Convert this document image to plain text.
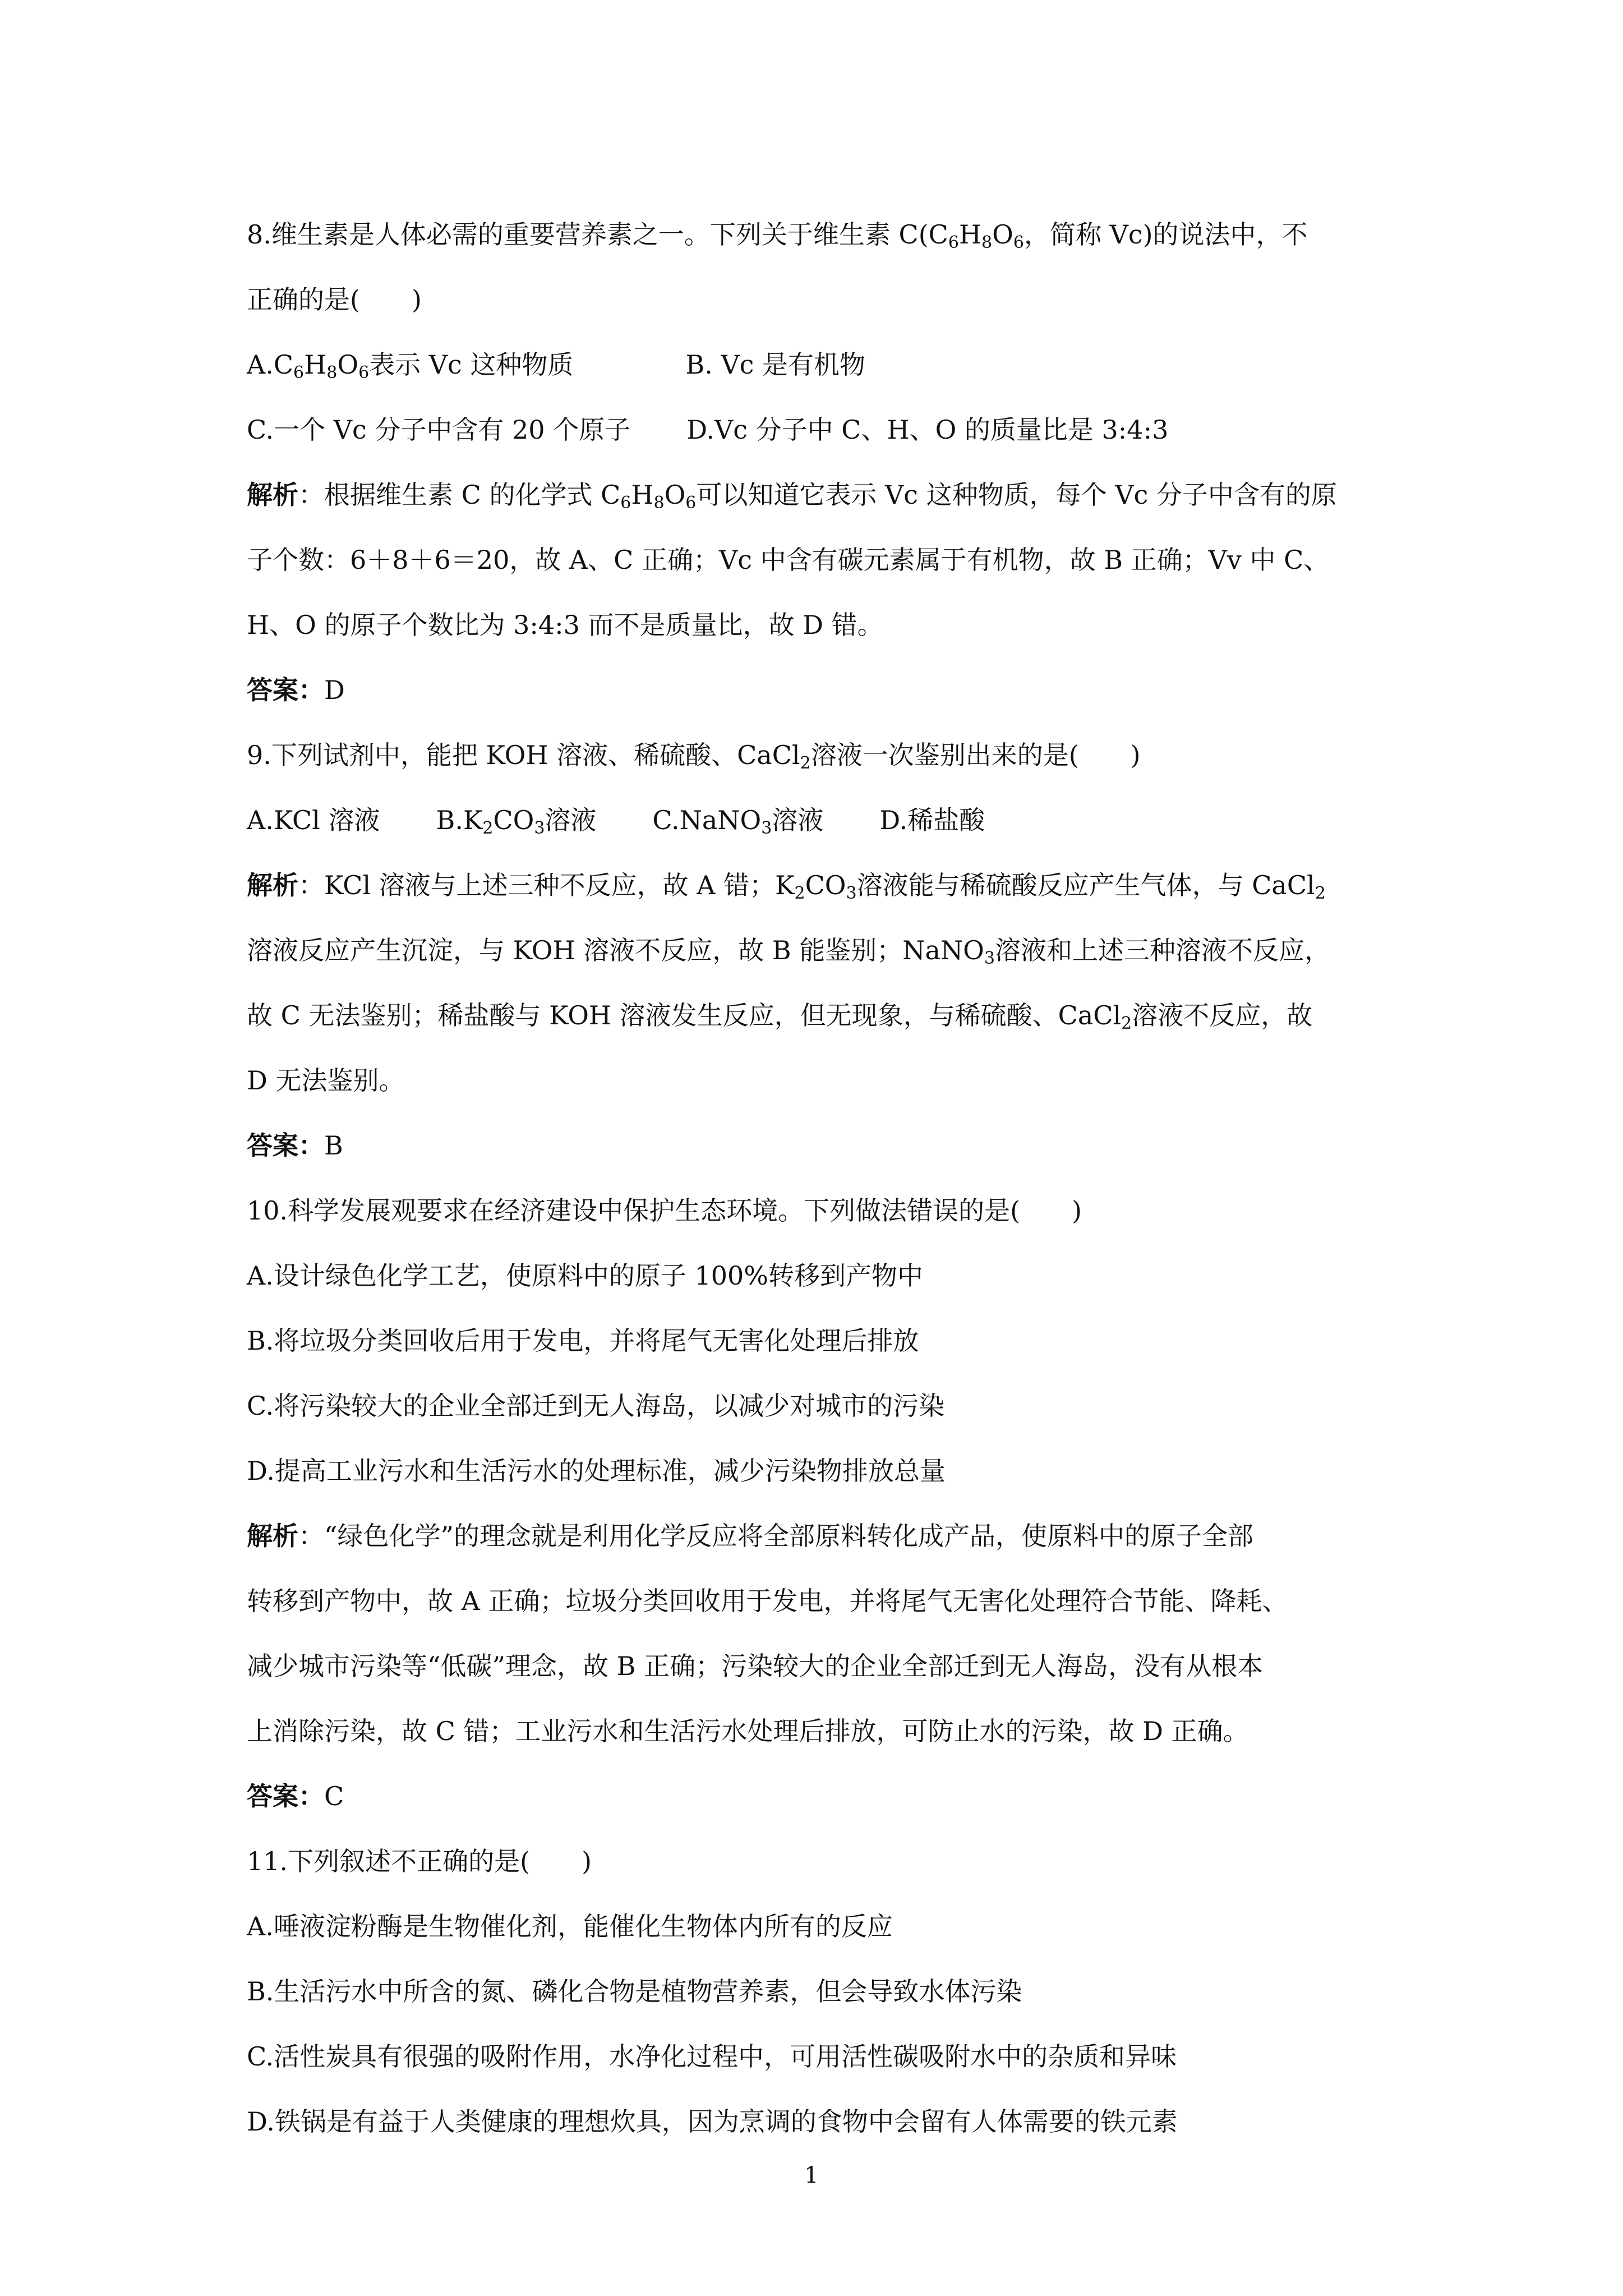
8.维生素是人体必需的重要营养素之一。下列关于维生素 $C(C_6H_8O_6$，简称 Vc)的说法中，不
正确的是(　　)
$A.C_6H_8O_6$表示 Vc 这种物质	B. Vc 是有机物
C.一个 Vc 分子中含有 20 个原子 D.Vc 分子中 C、H、O 的质量比是 3:4:3
解析：根据维生素 C 的化学式 $C_6H_8O_6$可以知道它表示 Vc 这种物质，每个 Vc 分子中含有的原
子个数：6＋8＋6＝20，故 A、C 正确；Vc 中含有碳元素属于有机物，故 B 正确；Vv 中 C、
H、O 的原子个数比为 3:4:3 而不是质量比，故 D 错。
答案：D
9.下列试剂中，能把 KOH 溶液、稀硫酸、CaCl$_2$溶液一次鉴别出来的是(　　)
A.KCl 溶液 $B.K_2CO_3$溶液 C.NaNO$_3$溶液 D.稀盐酸
解析：KCl 溶液与上述三种不反应，故 A 错；$K_2CO_3$溶液能与稀硫酸反应产生气体，与 CaCl$_2$
溶液反应产生沉淀，与 KOH 溶液不反应，故 B 能鉴别；NaNO$_3$溶液和上述三种溶液不反应，
故 C 无法鉴别；稀盐酸与 KOH 溶液发生反应，但无现象，与稀硫酸、CaCl$_2$溶液不反应，故
D 无法鉴别。
答案：B
10.科学发展观要求在经济建设中保护生态环境。下列做法错误的是(　　)
A.设计绿色化学工艺，使原料中的原子 100%转移到产物中
B.将垃圾分类回收后用于发电，并将尾气无害化处理后排放
C.将污染较大的企业全部迁到无人海岛，以减少对城市的污染
D.提高工业污水和生活污水的处理标准，减少污染物排放总量
解析：“绿色化学”的理念就是利用化学反应将全部原料转化成产品，使原料中的原子全部
转移到产物中，故 A 正确；垃圾分类回收用于发电，并将尾气无害化处理符合节能、降耗、
减少城市污染等“低碳”理念，故 B 正确；污染较大的企业全部迁到无人海岛，没有从根本
上消除污染，故 C 错；工业污水和生活污水处理后排放，可防止水的污染，故 D 正确。
答案：C
11.下列叙述不正确的是(　　)
A.唾液淀粉酶是生物催化剂，能催化生物体内所有的反应
B.生活污水中所含的氮、磷化合物是植物营养素，但会导致水体污染
C.活性炭具有很强的吸附作用，水净化过程中，可用活性碳吸附水中的杂质和异味
D.铁锅是有益于人类健康的理想炊具，因为烹调的食物中会留有人体需要的铁元素
1
